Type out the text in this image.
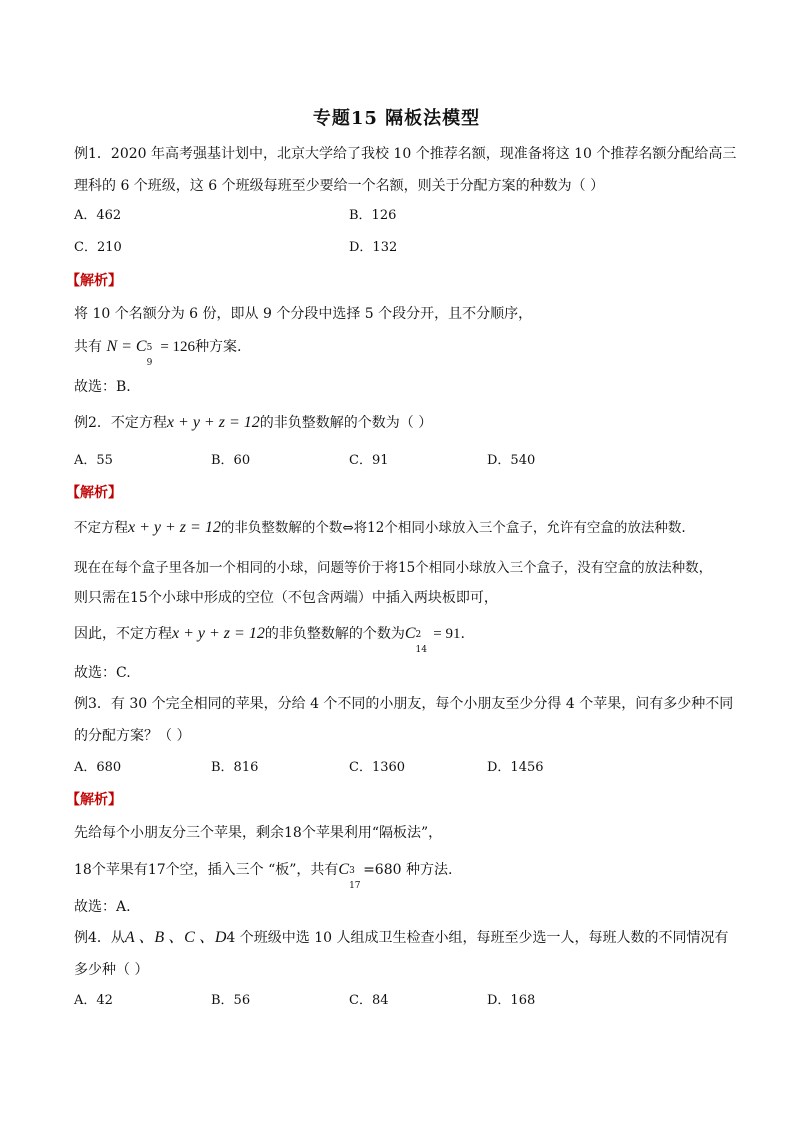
专题15 隔板法模型
例1．2020 年高考强基计划中，北京大学给了我校 10 个推荐名额，现准备将这 10 个推荐名额分配给高三
理科的 6 个班级，这 6 个班级每班至少要给一个名额，则关于分配方案的种数为（ ）
A．462	B．126
C．210	D．132
【解析】
将 10 个名额分为 6 份，即从 9 个分段中选择 5 个段分开，且不分顺序，
共有 N = C 5
9
= 126种方案.
故选：B.
例2．不定方程x + y + z = 12的非负整数解的个数为（ ）
A．55	B．60	C．91	D．540
【解析】
不定方程x + y + z = 12的非负整数解的个数⇔将12个相同小球放入三个盒子，允许有空盒的放法种数.
现在在每个盒子里各加一个相同的小球，问题等价于将15个相同小球放入三个盒子，没有空盒的放法种数，
则只需在15个小球中形成的空位（不包含两端）中插入两块板即可，
因此，不定方程x + y + z = 12的非负整数解的个数为C 2
14
= 91.
故选：C.
例3．有 30 个完全相同的苹果，分给 4 个不同的小朋友，每个小朋友至少分得 4 个苹果，问有多少种不同
的分配方案？（ ）
A．680	B．816	C．1360	D．1456
【解析】
先给每个小朋友分三个苹果，剩余18个苹果利用“隔板法”，
18个苹果有17个空，插入三个 “板”，共有C 3
17
=680 种方法.
故选：A.
例4．从A 、B 、C 、D4 个班级中选 10 人组成卫生检查小组，每班至少选一人，每班人数的不同情况有
多少种（ ）
A．42	B．56	C．84	D．168
